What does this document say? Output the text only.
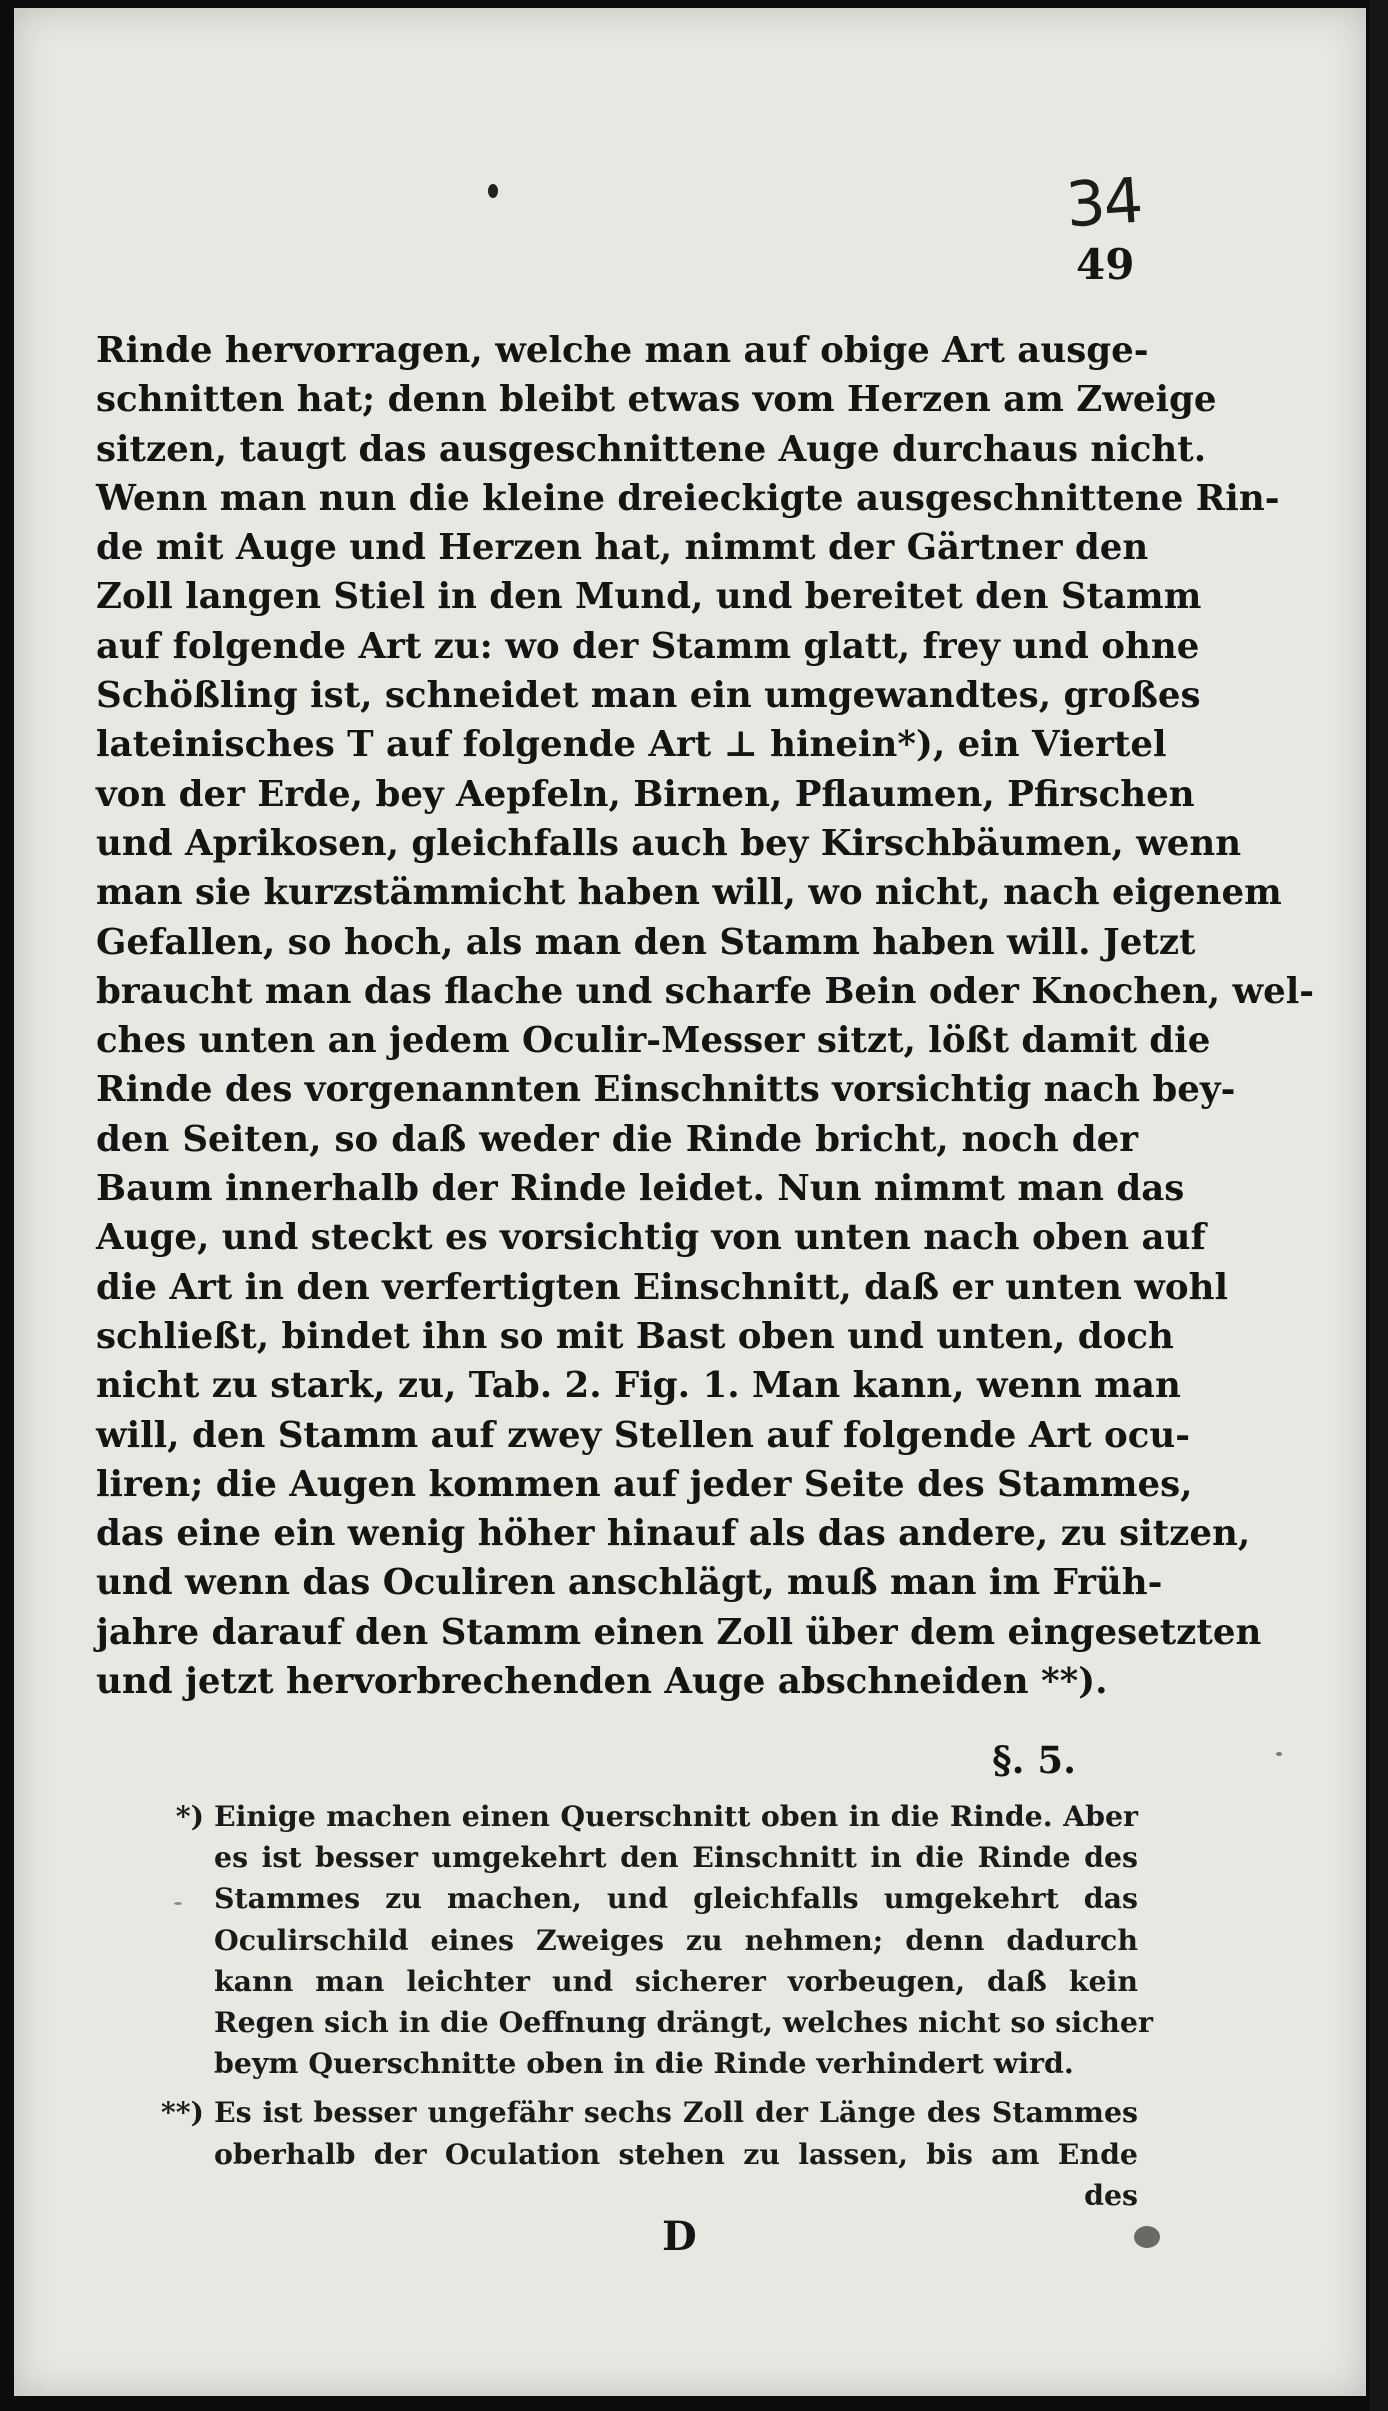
34
49
Rinde hervorragen, welche man auf obige Art ausge-
schnitten hat; denn bleibt etwas vom Herzen am Zweige
sitzen, taugt das ausgeschnittene Auge durchaus nicht.
Wenn man nun die kleine dreieckigte ausgeschnittene Rin-
de mit Auge und Herzen hat, nimmt der Gärtner den
Zoll langen Stiel in den Mund, und bereitet den Stamm
auf folgende Art zu: wo der Stamm glatt, frey und ohne
Schößling ist, schneidet man ein umgewandtes, großes
lateinisches T auf folgende Art ⊥ hinein*), ein Viertel
von der Erde, bey Aepfeln, Birnen, Pflaumen, Pfirschen
und Aprikosen, gleichfalls auch bey Kirschbäumen, wenn
man sie kurzstämmicht haben will, wo nicht, nach eigenem
Gefallen, so hoch, als man den Stamm haben will. Jetzt
braucht man das flache und scharfe Bein oder Knochen, wel-
ches unten an jedem Oculir-Messer sitzt, lößt damit die
Rinde des vorgenannten Einschnitts vorsichtig nach bey-
den Seiten, so daß weder die Rinde bricht, noch der
Baum innerhalb der Rinde leidet. Nun nimmt man das
Auge, und steckt es vorsichtig von unten nach oben auf
die Art in den verfertigten Einschnitt, daß er unten wohl
schließt, bindet ihn so mit Bast oben und unten, doch
nicht zu stark, zu, Tab. 2. Fig. 1. Man kann, wenn man
will, den Stamm auf zwey Stellen auf folgende Art ocu-
liren; die Augen kommen auf jeder Seite des Stammes,
das eine ein wenig höher hinauf als das andere, zu sitzen,
und wenn das Oculiren anschlägt, muß man im Früh-
jahre darauf den Stamm einen Zoll über dem eingesetzten
und jetzt hervorbrechenden Auge abschneiden **).
§. 5.
*) Einige machen einen Querschnitt oben in die Rinde. Aber
es ist besser umgekehrt den Einschnitt in die Rinde des
Stammes zu machen, und gleichfalls umgekehrt das
Oculirschild eines Zweiges zu nehmen; denn dadurch
kann man leichter und sicherer vorbeugen, daß kein
Regen sich in die Oeffnung drängt, welches nicht so sicher
beym Querschnitte oben in die Rinde verhindert wird.
**) Es ist besser ungefähr sechs Zoll der Länge des Stammes
oberhalb der Oculation stehen zu lassen, bis am Ende
des
D
